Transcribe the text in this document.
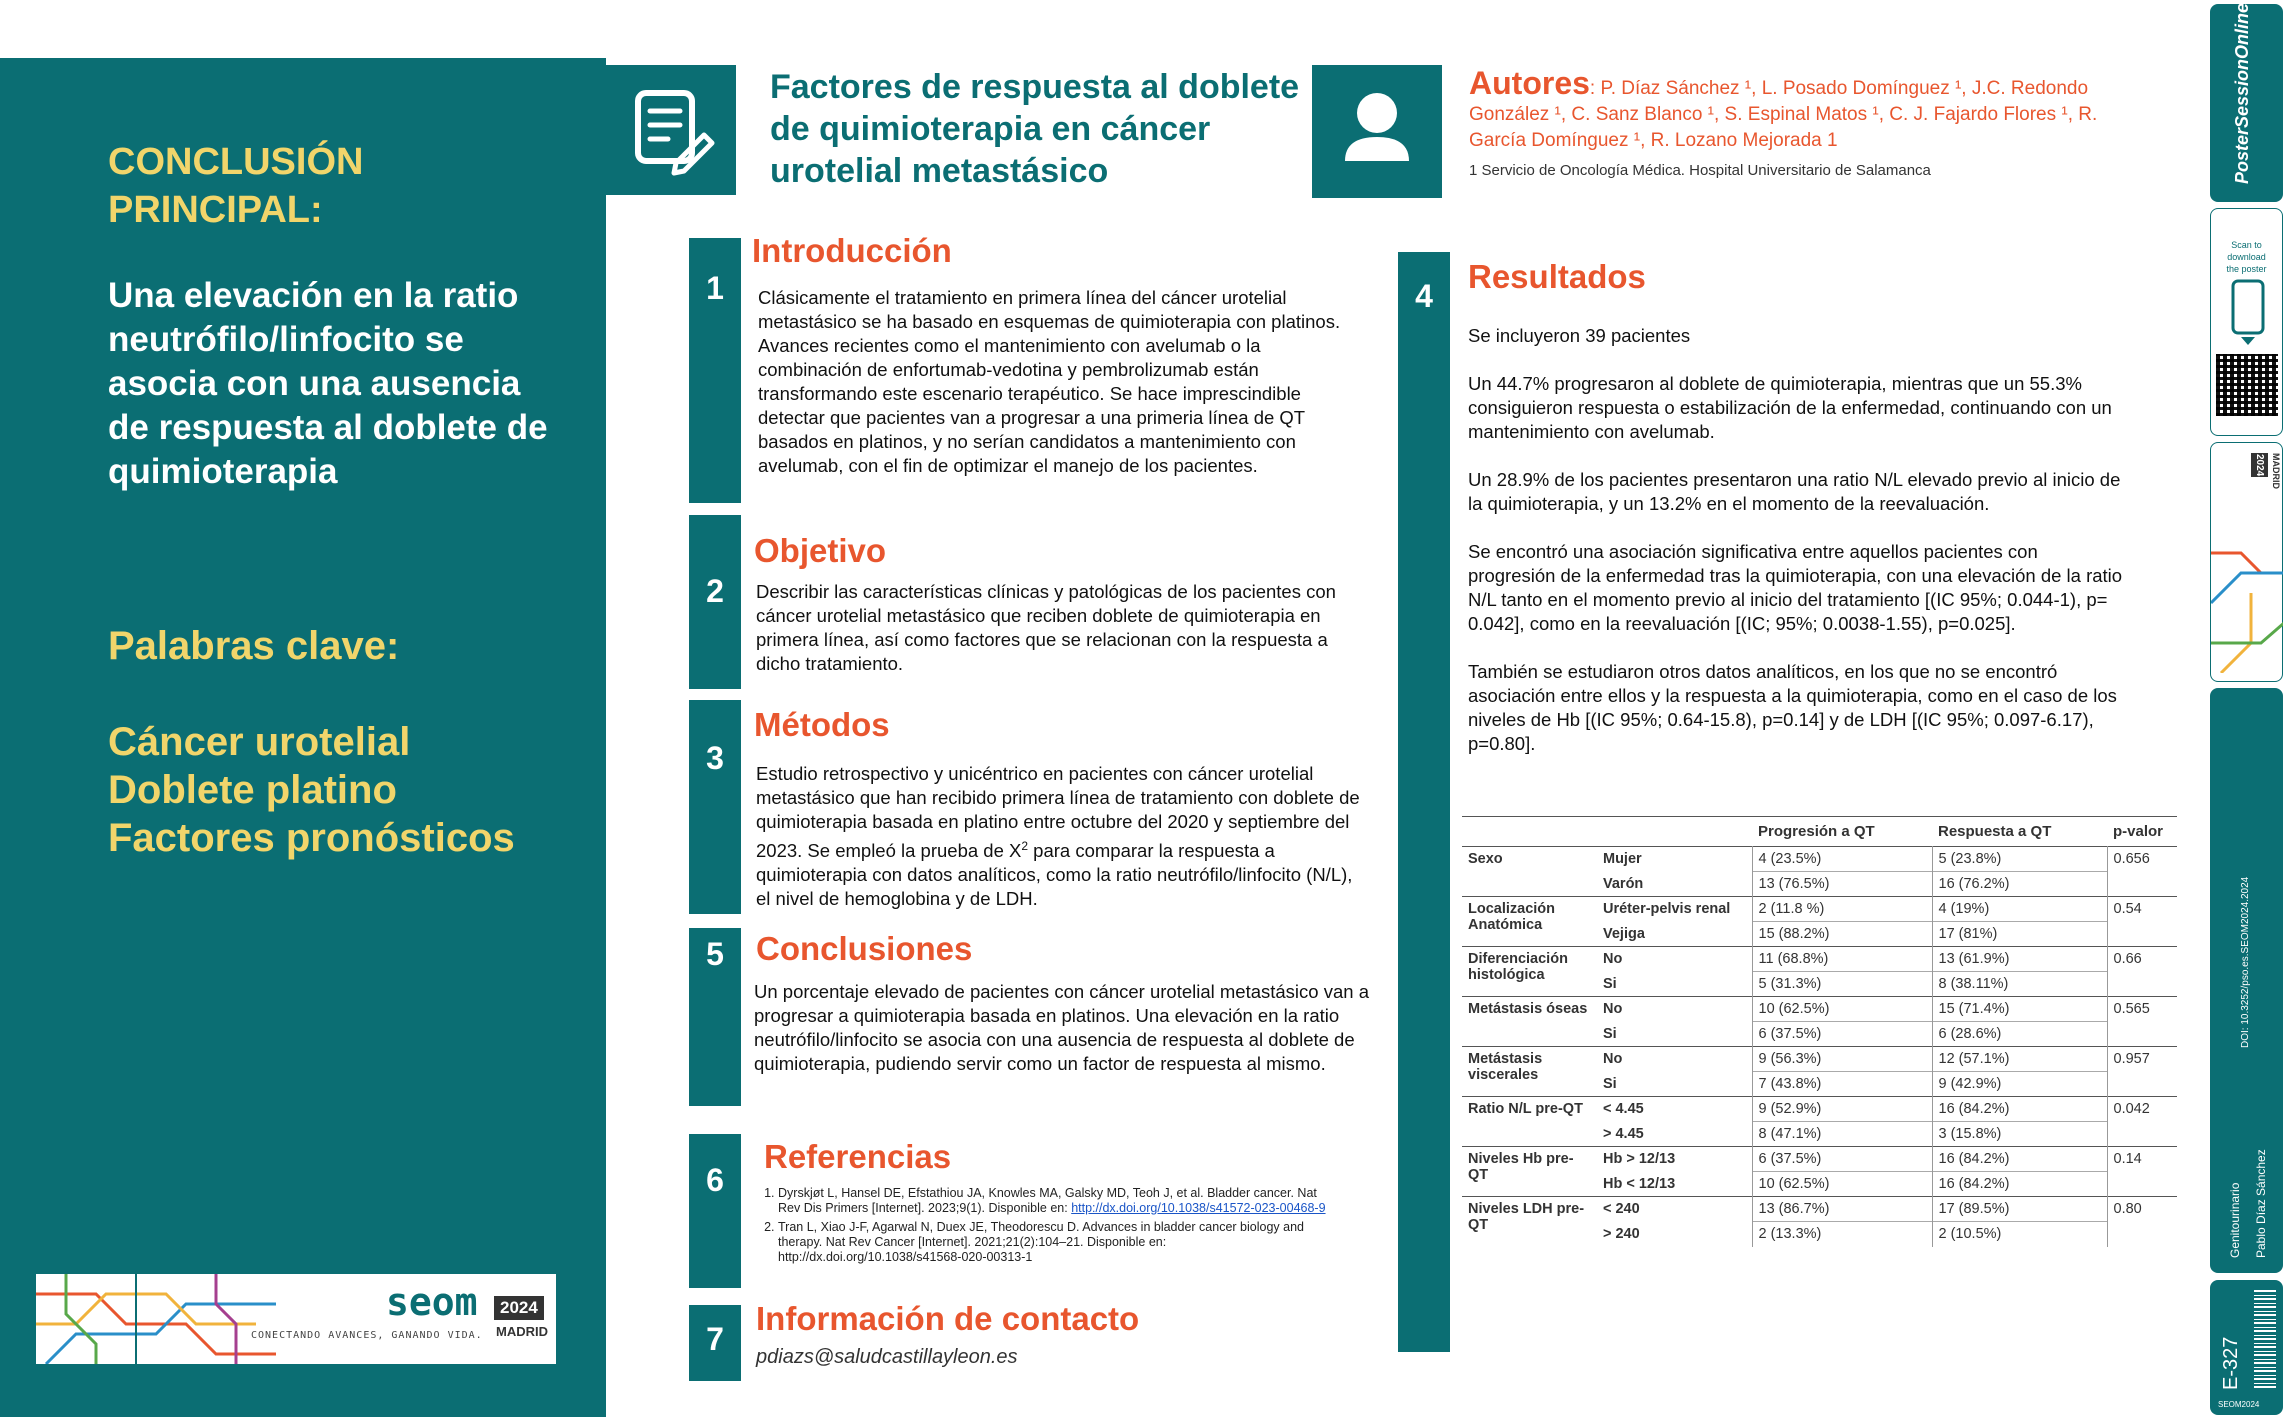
CONCLUSIÓN PRINCIPAL:
Una elevación en la ratio neutrófilo/linfocito se asocia con una ausencia de respuesta al doblete de quimioterapia
Palabras clave:
Cáncer urotelial
Doblete platino
Factores pronósticos
seom	2024
MADRID
CONECTANDO AVANCES, GANANDO VIDA.
Factores de respuesta al doblete de quimioterapia en cáncer urotelial metastásico
Autores: P. Díaz Sánchez ¹, L. Posado Domínguez ¹, J.C. Redondo González ¹, C. Sanz Blanco ¹, S. Espinal Matos ¹, C. J. Fajardo Flores ¹, R. García Domínguez ¹, R. Lozano Mejorada 1
1 Servicio de Oncología Médica. Hospital Universitario de Salamanca
1
Introducción
Clásicamente el tratamiento en primera línea del cáncer urotelial metastásico se ha basado en esquemas de quimioterapia con platinos. Avances recientes como el mantenimiento con avelumab o la combinación de enfortumab-vedotina y pembrolizumab están transformando este escenario terapéutico. Se hace imprescindible detectar que pacientes van a progresar a una primeria línea de QT basados en platinos, y no serían candidatos a mantenimiento con avelumab, con el fin de optimizar el manejo de los pacientes.
2
Objetivo
Describir las características clínicas y patológicas de los pacientes con cáncer urotelial metastásico que reciben doblete de quimioterapia en primera línea, así como factores que se relacionan con la respuesta a dicho tratamiento.
3
Métodos
Estudio retrospectivo y unicéntrico en pacientes con cáncer urotelial metastásico que han recibido primera línea de tratamiento con doblete de quimioterapia basada en platino entre octubre del 2020 y septiembre del 2023. Se empleó la prueba de $X^2$ para comparar la respuesta a quimioterapia con datos analíticos, como la ratio neutrófilo/linfocito (N/L), el nivel de hemoglobina y de LDH.
5 Conclusiones
Un porcentaje elevado de pacientes con cáncer urotelial metastásico van a progresar a quimioterapia basada en platinos. Una elevación en la ratio neutrófilo/linfocito se asocia con una ausencia de respuesta al doblete de quimioterapia, pudiendo servir como un factor de respuesta al mismo.
6
Referencias
1. Dyrskjøt L, Hansel DE, Efstathiou JA, Knowles MA, Galsky MD, Teoh J, et al. Bladder cancer. Nat Rev Dis Primers [Internet]. 2023;9(1). Disponible en: http://dx.doi.org/10.1038/s41572-023-00468-9
2. Tran L, Xiao J-F, Agarwal N, Duex JE, Theodorescu D. Advances in bladder cancer biology and therapy. Nat Rev Cancer [Internet]. 2021;21(2):104–21. Disponible en: http://dx.doi.org/10.1038/s41568-020-00313-1
7
Información de contacto
pdiazs@saludcastillayleon.es
4
Resultados

Se incluyeron 39 pacientes

Un 44.7% progresaron al doblete de quimioterapia, mientras que un 55.3% consiguieron respuesta o estabilización de la enfermedad, continuando con un mantenimiento con avelumab.

Un 28.9% de los pacientes presentaron una ratio N/L elevado previo al inicio de la quimioterapia, y un 13.2% en el momento de la reevaluación.

Se encontró una asociación significativa entre aquellos pacientes con progresión de la enfermedad tras la quimioterapia, con una elevación de la ratio N/L tanto en el momento previo al inicio del tratamiento [(IC 95%; 0.044-1), p= 0.042], como en la reevaluación [(IC; 95%; 0.0038-1.55), p=0.025].

También se estudiaron otros datos analíticos, en los que no se encontró asociación entre ellos y la respuesta a la quimioterapia, como en el caso de los niveles de Hb [(IC 95%; 0.64-15.8), p=0.14] y de LDH [(IC 95%; 0.097-6.17), p=0.80].

		Progresión a QT	Respuesta a QT	p-valor
Sexo	Mujer	4 (23.5%)	5 (23.8%)	0.656
	Varón	13 (76.5%)	16 (76.2%)	
Localización Anatómica	Uréter-pelvis renal	2 (11.8 %)	4 (19%)	0.54
	Vejiga	15 (88.2%)	17 (81%)	
Diferenciación histológica	No	11 (68.8%)	13 (61.9%)	0.66
	Si	5 (31.3%)	8 (38.11%)	
Metástasis óseas	No	10 (62.5%)	15 (71.4%)	0.565
	Si	6 (37.5%)	6 (28.6%)	
Metástasis viscerales	No	9 (56.3%)	12 (57.1%)	0.957
	Si	7 (43.8%)	9 (42.9%)	
Ratio N/L pre-QT	< 4.45	9 (52.9%)	16 (84.2%)	0.042
	> 4.45	8 (47.1%)	3 (15.8%)	
Niveles Hb pre-QT	Hb > 12/13	6 (37.5%)	16 (84.2%)	0.14
	Hb < 12/13	10 (62.5%)	16 (84.2%)	
Niveles LDH pre-QT	< 240	13 (86.7%)	17 (89.5%)	0.80
	> 240	2 (13.3%)	2 (10.5%)	
PosterSessionOnline
Scan to download the poster
2024 MADRID
DOI: 10.3252/pso.es.SEOM2024.2024
Genitourinario Pablo Díaz Sánchez
E-327
SEOM2024
